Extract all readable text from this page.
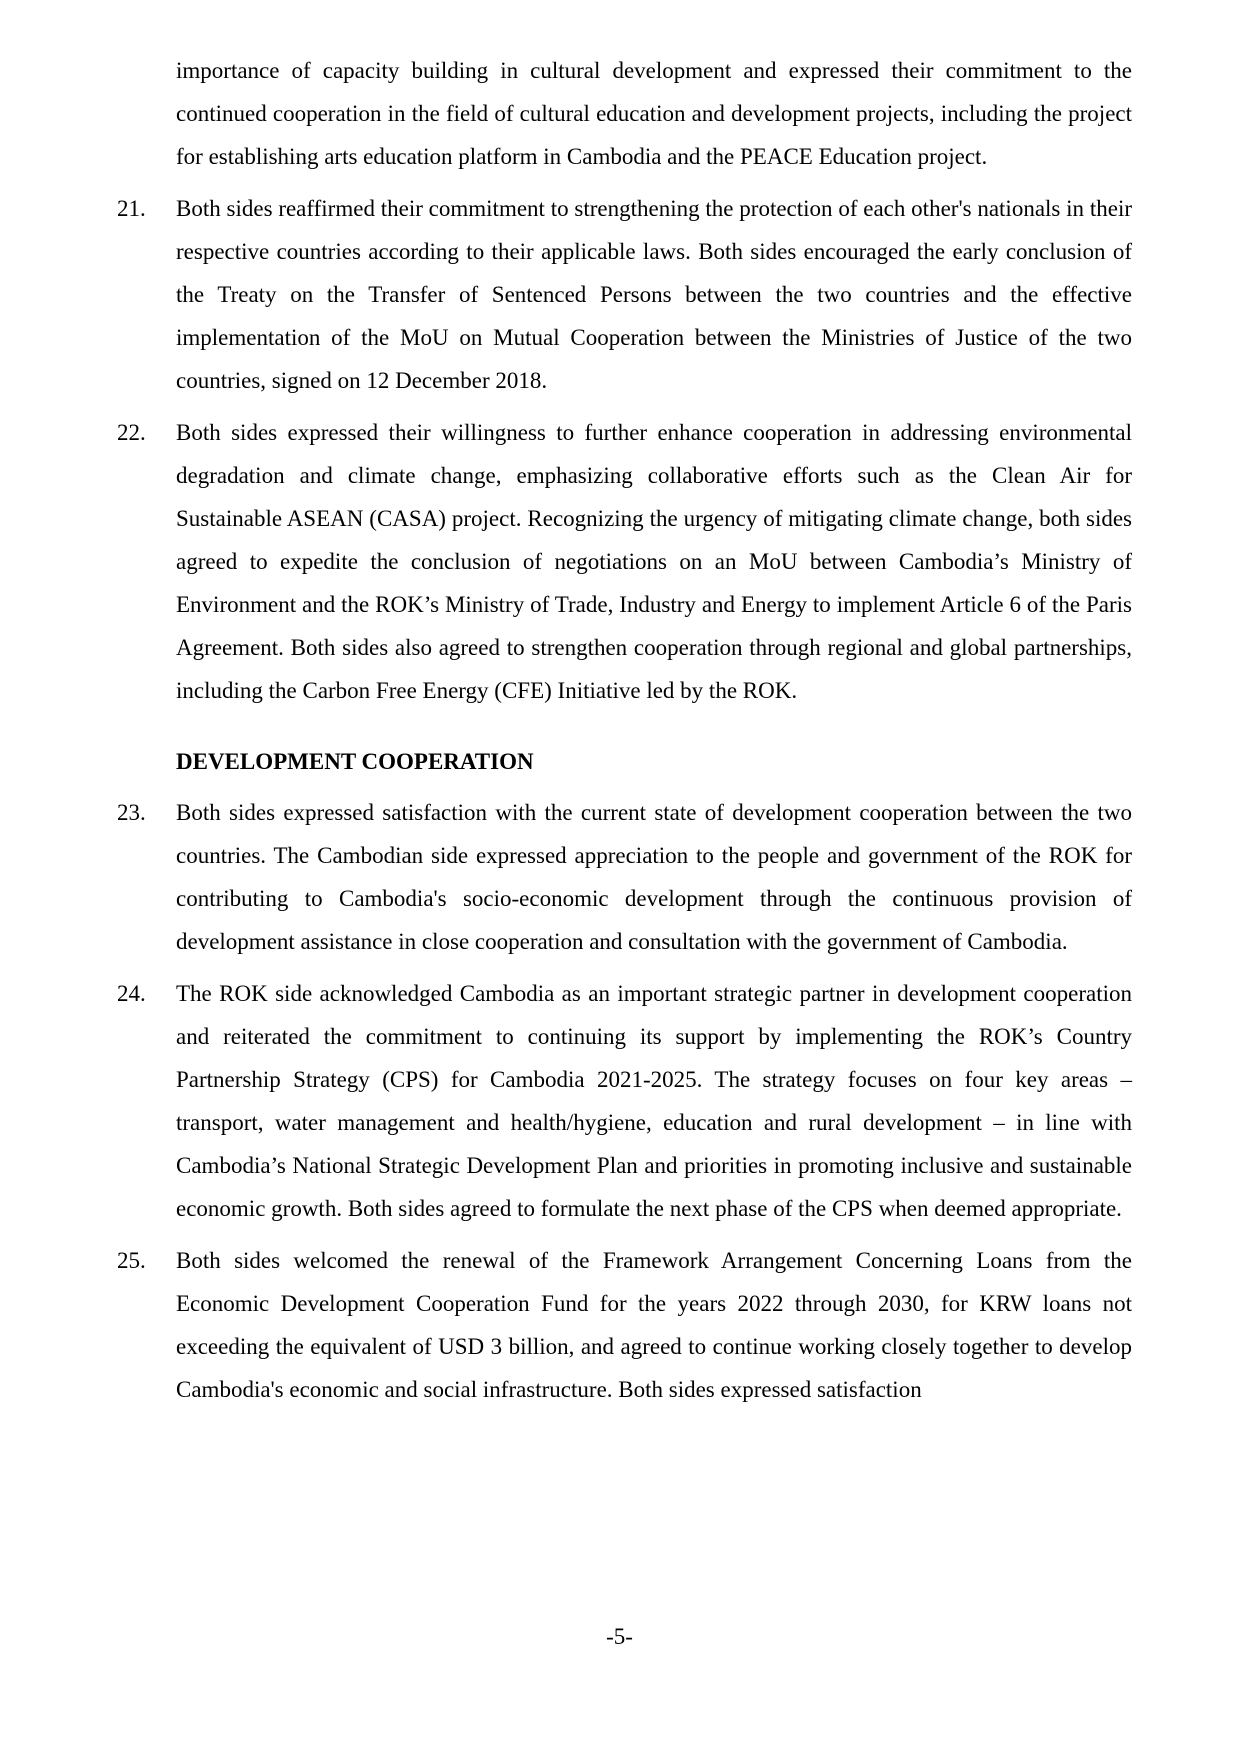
importance of capacity building in cultural development and expressed their commitment to the continued cooperation in the field of cultural education and development projects, including the project for establishing arts education platform in Cambodia and the PEACE Education project.
21.	Both sides reaffirmed their commitment to strengthening the protection of each other's nationals in their respective countries according to their applicable laws. Both sides encouraged the early conclusion of the Treaty on the Transfer of Sentenced Persons between the two countries and the effective implementation of the MoU on Mutual Cooperation between the Ministries of Justice of the two countries, signed on 12 December 2018.
22.	Both sides expressed their willingness to further enhance cooperation in addressing environmental degradation and climate change, emphasizing collaborative efforts such as the Clean Air for Sustainable ASEAN (CASA) project. Recognizing the urgency of mitigating climate change, both sides agreed to expedite the conclusion of negotiations on an MoU between Cambodia’s Ministry of Environment and the ROK’s Ministry of Trade, Industry and Energy to implement Article 6 of the Paris Agreement. Both sides also agreed to strengthen cooperation through regional and global partnerships, including the Carbon Free Energy (CFE) Initiative led by the ROK.
DEVELOPMENT COOPERATION
23.	Both sides expressed satisfaction with the current state of development cooperation between the two countries. The Cambodian side expressed appreciation to the people and government of the ROK for contributing to Cambodia's socio-economic development through the continuous provision of development assistance in close cooperation and consultation with the government of Cambodia.
24.	The ROK side acknowledged Cambodia as an important strategic partner in development cooperation and reiterated the commitment to continuing its support by implementing the ROK’s Country Partnership Strategy (CPS) for Cambodia 2021-2025. The strategy focuses on four key areas – transport, water management and health/hygiene, education and rural development – in line with Cambodia’s National Strategic Development Plan and priorities in promoting inclusive and sustainable economic growth. Both sides agreed to formulate the next phase of the CPS when deemed appropriate.
25.	Both sides welcomed the renewal of the Framework Arrangement Concerning Loans from the Economic Development Cooperation Fund for the years 2022 through 2030, for KRW loans not exceeding the equivalent of USD 3 billion, and agreed to continue working closely together to develop Cambodia's economic and social infrastructure. Both sides expressed satisfaction
-5-
